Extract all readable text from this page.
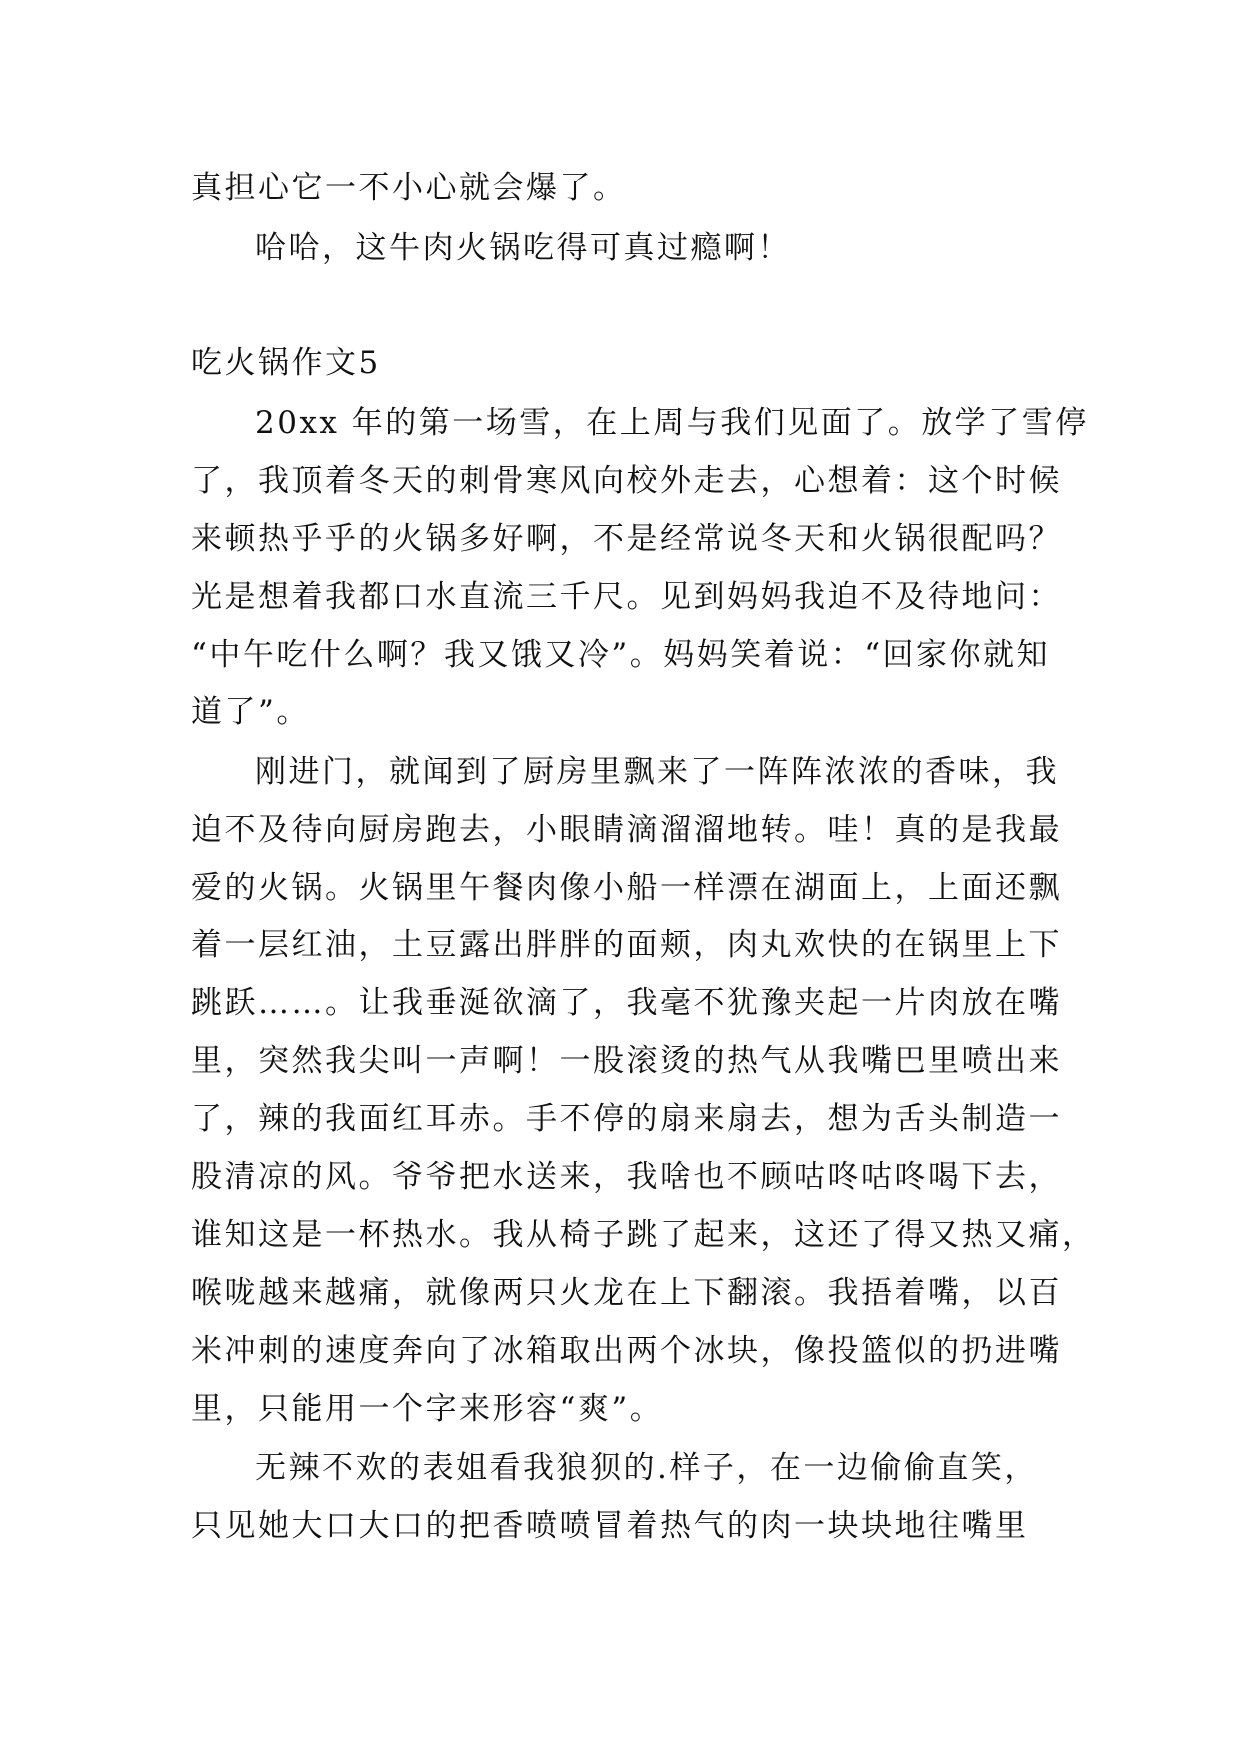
真担心它一不小心就会爆了。
哈哈，这牛肉火锅吃得可真过瘾啊！
吃火锅作文5
20xx 年的第一场雪，在上周与我们见面了。放学了雪停
了，我顶着冬天的刺骨寒风向校外走去，心想着：这个时候
来顿热乎乎的火锅多好啊，不是经常说冬天和火锅很配吗？
光是想着我都口水直流三千尺。见到妈妈我迫不及待地问：
“中午吃什么啊？我又饿又冷”。妈妈笑着说：“回家你就知
道了”。
刚进门，就闻到了厨房里飘来了一阵阵浓浓的香味，我
迫不及待向厨房跑去，小眼睛滴溜溜地转。哇！真的是我最
爱的火锅。火锅里午餐肉像小船一样漂在湖面上，上面还飘
着一层红油，土豆露出胖胖的面颊，肉丸欢快的在锅里上下
跳跃……。让我垂涎欲滴了，我毫不犹豫夹起一片肉放在嘴
里，突然我尖叫一声啊！一股滚烫的热气从我嘴巴里喷出来
了，辣的我面红耳赤。手不停的扇来扇去，想为舌头制造一
股清凉的风。爷爷把水送来，我啥也不顾咕咚咕咚喝下去，
谁知这是一杯热水。我从椅子跳了起来，这还了得又热又痛，
喉咙越来越痛，就像两只火龙在上下翻滚。我捂着嘴，以百
米冲刺的速度奔向了冰箱取出两个冰块，像投篮似的扔进嘴
里，只能用一个字来形容“爽”。
无辣不欢的表姐看我狼狈的.样子，在一边偷偷直笑，
只见她大口大口的把香喷喷冒着热气的肉一块块地往嘴里
